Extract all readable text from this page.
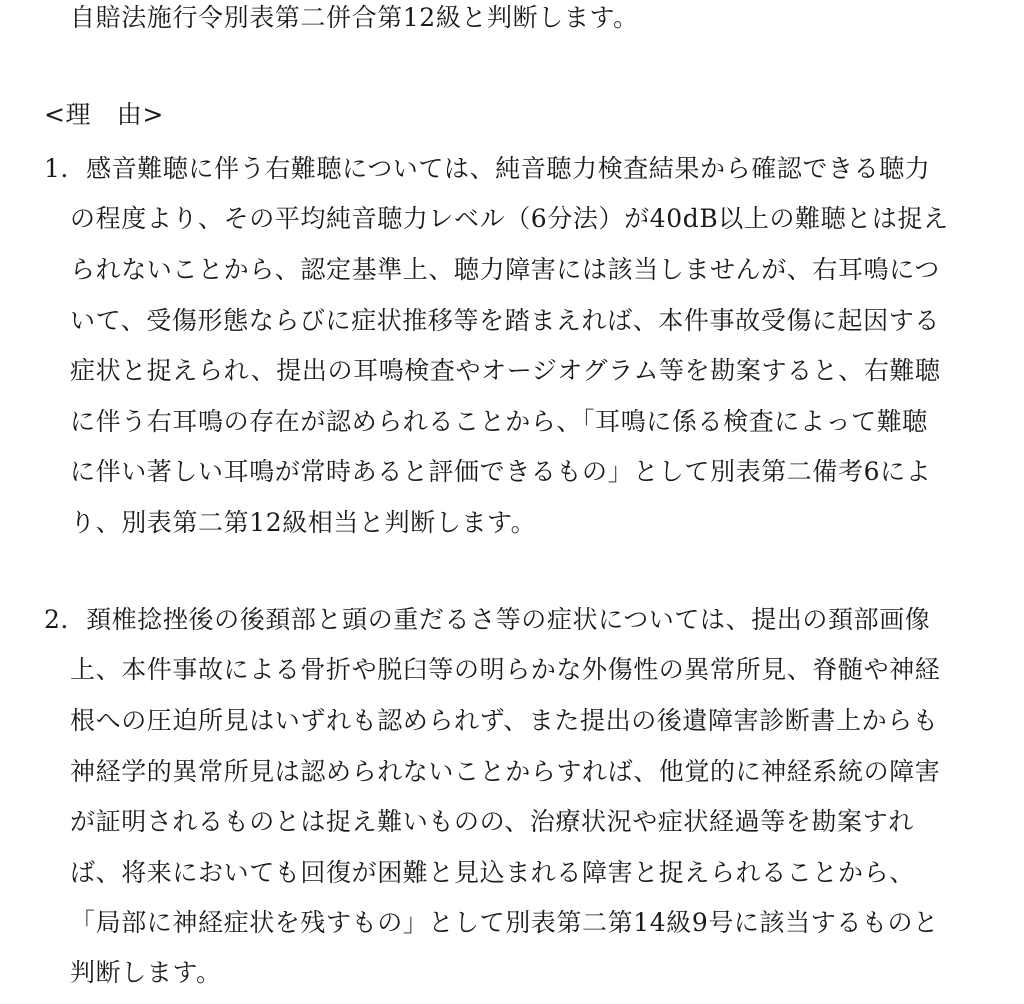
自賠法施行令別表第二併合第12級と判断します。
<理　由>
1．感音難聴に伴う右難聴については、純音聴力検査結果から確認できる聴力
の程度より、その平均純音聴力レベル（6分法）が40dB以上の難聴とは捉え
られないことから、認定基準上、聴力障害には該当しませんが、右耳鳴につ
いて、受傷形態ならびに症状推移等を踏まえれば、本件事故受傷に起因する
症状と捉えられ、提出の耳鳴検査やオージオグラム等を勘案すると、右難聴
に伴う右耳鳴の存在が認められることから、「耳鳴に係る検査によって難聴
に伴い著しい耳鳴が常時あると評価できるもの」として別表第二備考6によ
り、別表第二第12級相当と判断します。
2．頚椎捻挫後の後頚部と頭の重だるさ等の症状については、提出の頚部画像
上、本件事故による骨折や脱臼等の明らかな外傷性の異常所見、脊髄や神経
根への圧迫所見はいずれも認められず、また提出の後遺障害診断書上からも
神経学的異常所見は認められないことからすれば、他覚的に神経系統の障害
が証明されるものとは捉え難いものの、治療状況や症状経過等を勘案すれ
ば、将来においても回復が困難と見込まれる障害と捉えられることから、
「局部に神経症状を残すもの」として別表第二第14級9号に該当するものと
判断します。
